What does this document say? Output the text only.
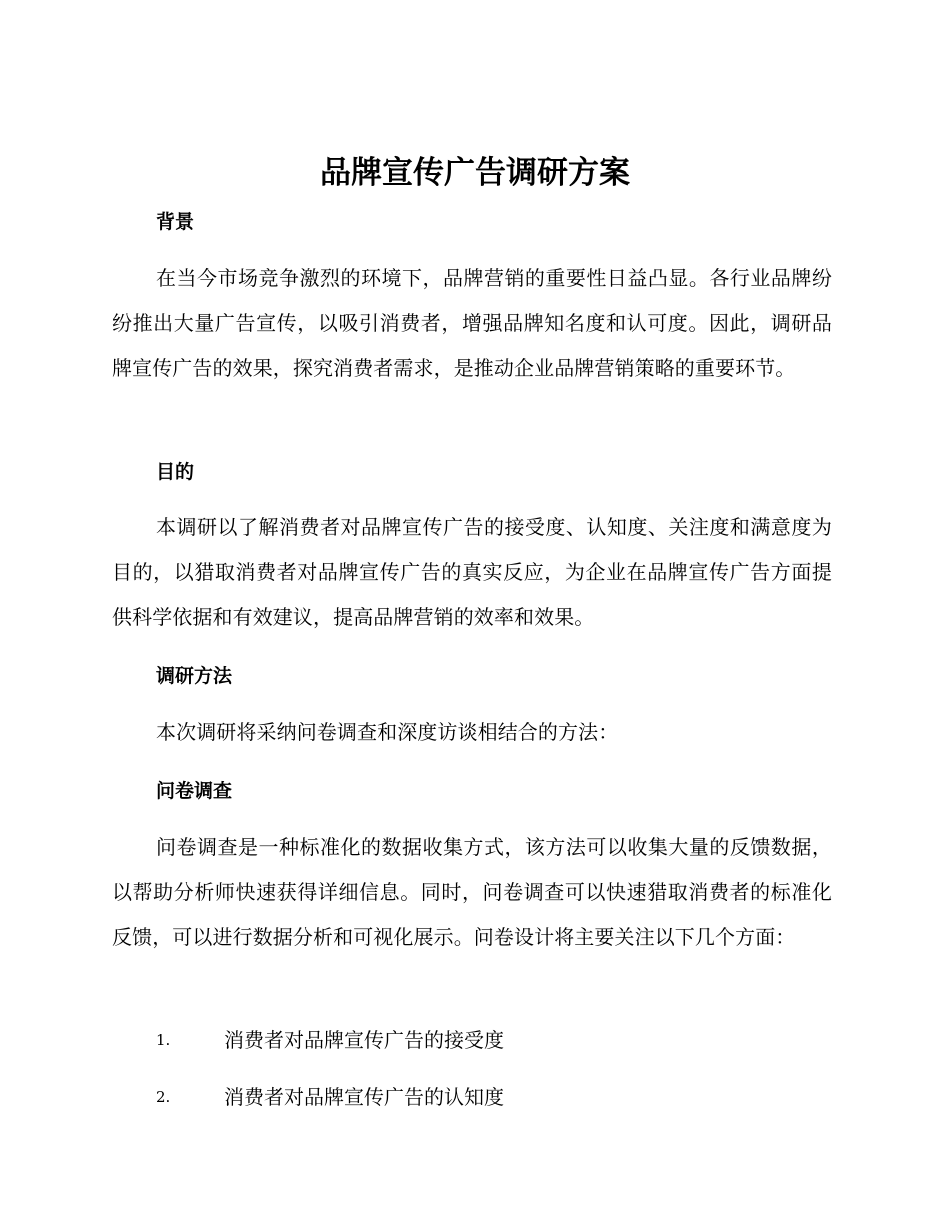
品牌宣传广告调研方案
背景

在当今市场竞争激烈的环境下，品牌营销的重要性日益凸显。各行业品牌纷纷推出大量广告宣传，以吸引消费者，增强品牌知名度和认可度。因此，调研品牌宣传广告的效果，探究消费者需求，是推动企业品牌营销策略的重要环节。

目的

本调研以了解消费者对品牌宣传广告的接受度、认知度、关注度和满意度为目的，以猎取消费者对品牌宣传广告的真实反应，为企业在品牌宣传广告方面提供科学依据和有效建议，提高品牌营销的效率和效果。

调研方法

本次调研将采纳问卷调查和深度访谈相结合的方法：

问卷调查

问卷调查是一种标准化的数据收集方式，该方法可以收集大量的反馈数据，以帮助分析师快速获得详细信息。同时，问卷调查可以快速猎取消费者的标准化反馈，可以进行数据分析和可视化展示。问卷设计将主要关注以下几个方面：

1.	消费者对品牌宣传广告的接受度
2.	消费者对品牌宣传广告的认知度
